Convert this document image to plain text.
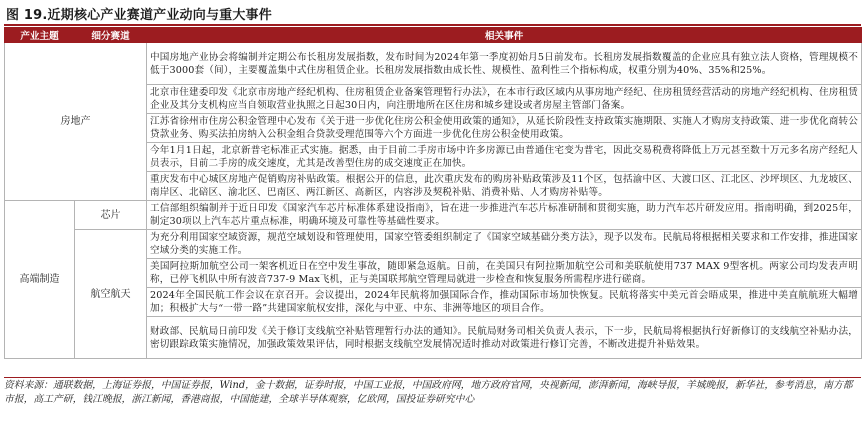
图 19.近期核心产业赛道产业动向与重大事件
产业主题	细分赛道	相关事件
房地产		中国房地产业协会将编制并定期公布长租房发展指数，发布时间为2024年第一季度初始月5日前发布。长租房发展指数覆盖的企业应具有独立法人资格，管理规模不低于3000套（间），主要覆盖集中式住房租赁企业。长租房发展指数由成长性、规模性、盈利性三个指标构成，权重分别为40%、35%和25%。
		北京市住建委印发《北京市房地产经纪机构、住房租赁企业备案管理暂行办法》，在本市行政区域内从事房地产经纪、住房租赁经营活动的房地产经纪机构、住房租赁企业及其分支机构应当自领取营业执照之日起30日内，向注册地所在区住房和城乡建设或者房屋主管部门备案。
		江苏省徐州市住房公积金管理中心发布《关于进一步优化住房公积金使用政策的通知》，从延长阶段性支持政策实施期限、实施人才购房支持政策、进一步优化商转公贷款业务、购买法拍房纳入公积金组合贷款受理范围等六个方面进一步优化住房公积金使用政策。
		今年1月1日起，北京新普宅标准正式实施。据悉，由于目前二手房市场中许多房源已由普通住宅变为普宅，因此交易税费将降低上万元甚至数十万元多名房产经纪人员表示，目前二手房的成交速度，尤其是改善型住房的成交速度正在加快。
		重庆发布中心城区房地产促销购房补贴政策。根据公开的信息，此次重庆发布的购房补贴政策涉及11个区，包括渝中区、大渡口区、江北区、沙坪坝区、九龙坡区、南岸区、北碚区、渝北区、巴南区、两江新区、高新区，内容涉及契税补贴、消费补贴、人才购房补贴等。
高端制造	芯片	工信部组织编制并于近日印发《国家汽车芯片标准体系建设指南》，旨在进一步推进汽车芯片标准研制和贯彻实施，助力汽车芯片研发应用。指南明确，到2025年，制定30项以上汽车芯片重点标准，明确环境及可靠性等基础性要求。
	航空航天	为充分利用国家空域资源，规范空域划设和管理使用，国家空管委组织制定了《国家空域基础分类方法》，现予以发布。民航局将根据相关要求和工作安排，推进国家空域分类的实施工作。
		美国阿拉斯加航空公司一架客机近日在空中发生事故，随即紧急返航。日前，在美国只有阿拉斯加航空公司和美联航使用737 MAX 9型客机。两家公司均发表声明称，已停飞机队中所有波音737-9 Max飞机，正与美国联邦航空管理局就进一步检查和恢复服务所需程序进行磋商。
		2024年全国民航工作会议在京召开。会议提出，2024年民航将加强国际合作，推动国际市场加快恢复。民航将落实中美元首会晤成果，推进中美直航航班大幅增加；积极扩大与“一带一路”共建国家航权安排，深化与中亚、中东、非洲等地区的项目合作。
		财政部、民航局日前印发《关于修订支线航空补贴管理暂行办法的通知》。民航局财务司相关负责人表示，下一步，民航局将根据执行好新修订的支线航空补贴办法，密切跟踪政策实施情况，加强政策效果评估，同时根据支线航空发展情况适时推动对政策进行修订完善，不断改进提升补贴效果。
资料来源：通联数据，上海证券报，中国证券报，Wind，金十数据，证券时报，中国工业报，中国政府网，地方政府官网，央视新闻，澎湃新闻，海峡导报，羊城晚报，新华社，参考消息，南方都市报，高工产研，钱江晚报，浙江新闻，香港商报，中国能建，全球半导体观察，亿欧网，国投证券研究中心
